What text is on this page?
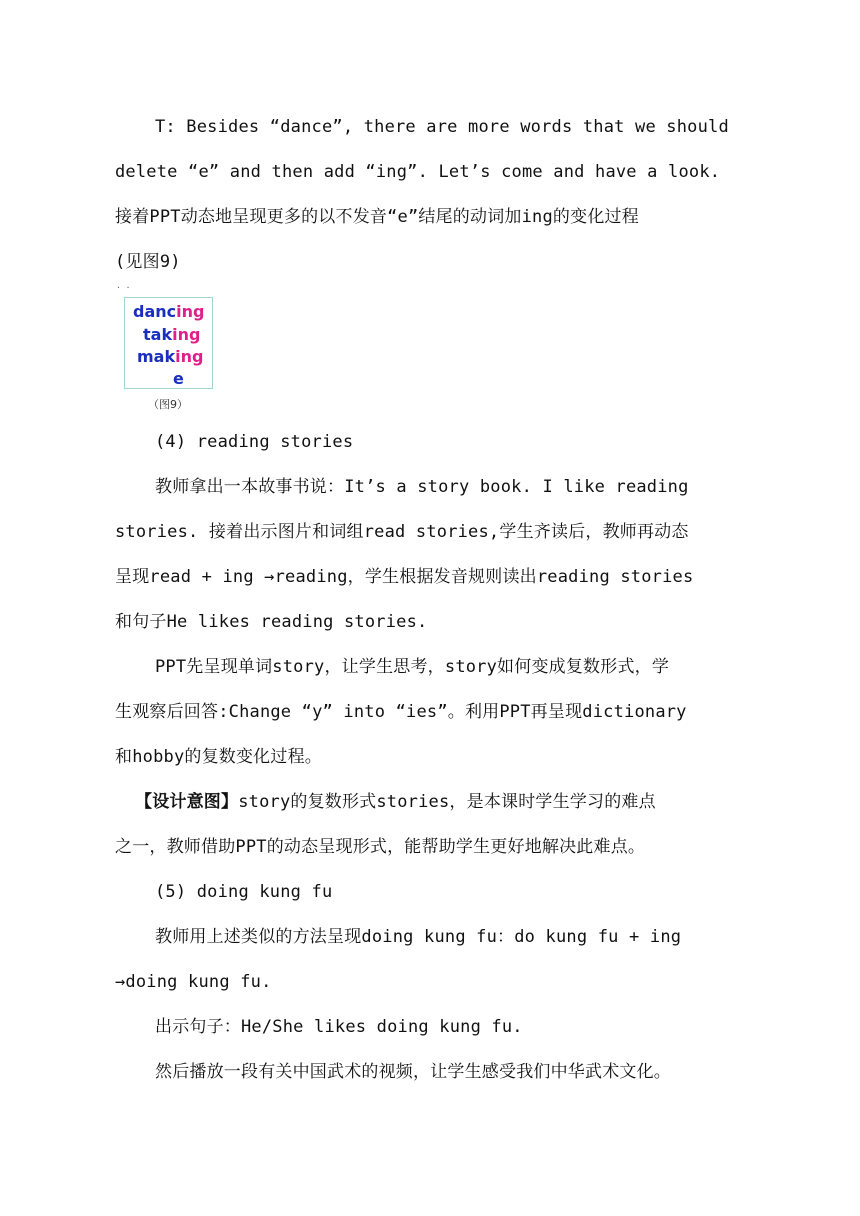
T: Besides “dance”, there are more words that we should
delete “e” and then add “ing”. Let’s come and have a look.
接着PPT动态地呈现更多的以不发音“e”结尾的动词加ing的变化过程
(见图9)
· ·
dancing
taking
making
e
（图9）
(4) reading stories
教师拿出一本故事书说：It’s a story book. I like reading
stories. 接着出示图片和词组read stories,学生齐读后，教师再动态
呈现read + ing →reading，学生根据发音规则读出reading stories
和句子He likes reading stories.
PPT先呈现单词story，让学生思考，story如何变成复数形式，学
生观察后回答:Change “y” into “ies”。利用PPT再呈现dictionary
和hobby的复数变化过程。
【设计意图】story的复数形式stories，是本课时学生学习的难点
之一，教师借助PPT的动态呈现形式，能帮助学生更好地解决此难点。
(5) doing kung fu
教师用上述类似的方法呈现doing kung fu：do kung fu + ing
→doing kung fu.
出示句子：He/She likes doing kung fu.
然后播放一段有关中国武术的视频，让学生感受我们中华武术文化。
